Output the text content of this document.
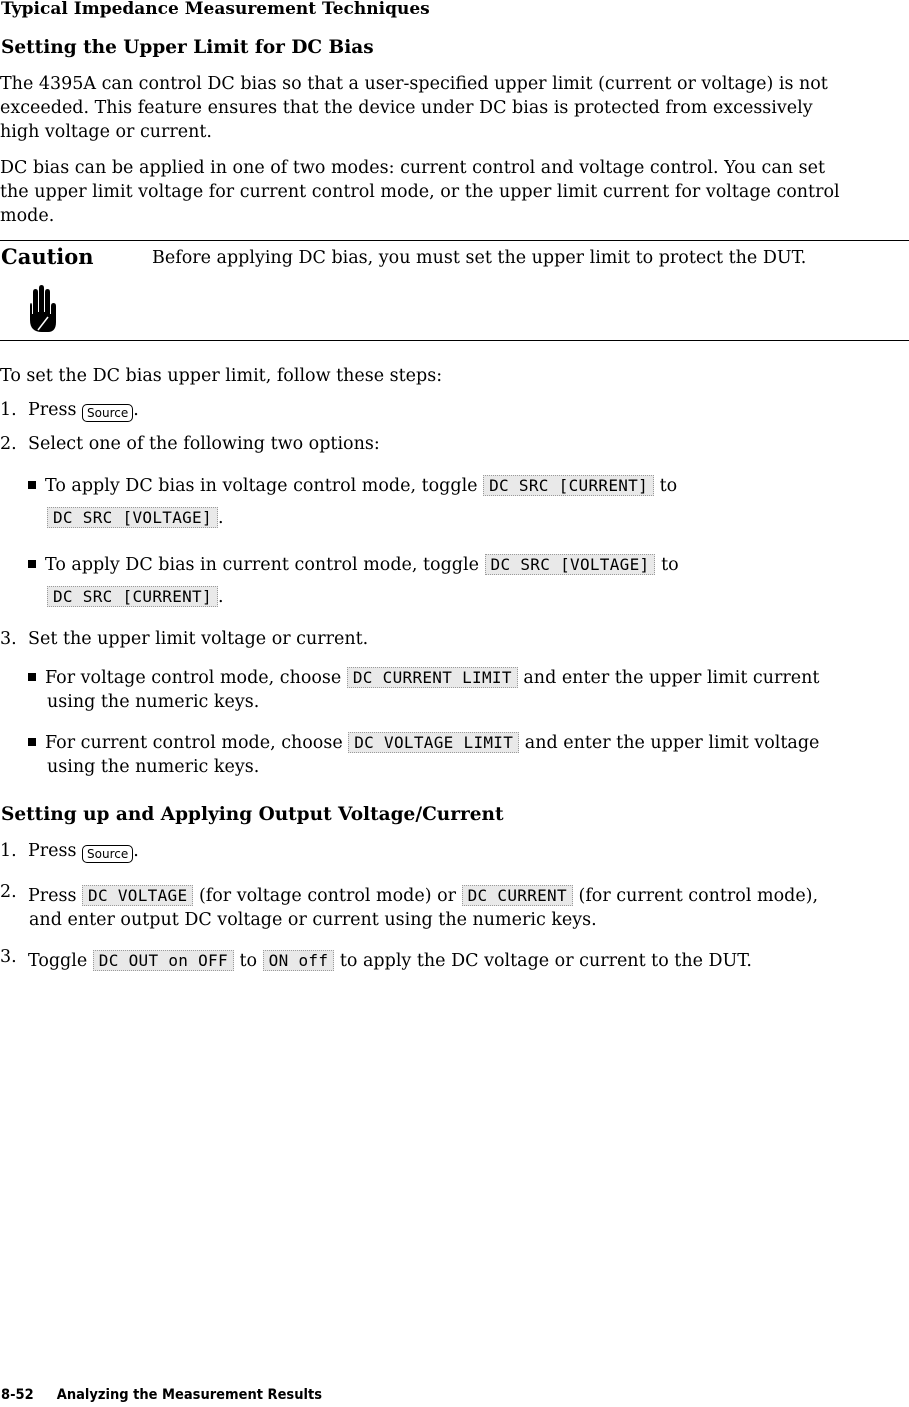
Typical Impedance Measurement Techniques
Setting the Upper Limit for DC Bias
The 4395A can control DC bias so that a user-specified upper limit (current or voltage) is not
exceeded. This feature ensures that the device under DC bias is protected from excessively
high voltage or current.
DC bias can be applied in one of two modes: current control and voltage control. You can set
the upper limit voltage for current control mode, or the upper limit current for voltage control
mode.
Caution	Before applying DC bias, you must set the upper limit to protect the DUT.
To set the DC bias upper limit, follow these steps:
1. Press Source .
2. Select one of the following two options:
To apply DC bias in voltage control mode, toggle DC SRC [CURRENT] to
DC SRC [VOLTAGE] .
To apply DC bias in current control mode, toggle DC SRC [VOLTAGE] to
DC SRC [CURRENT] .
3. Set the upper limit voltage or current.
For voltage control mode, choose DC CURRENT LIMIT and enter the upper limit current
using the numeric keys.
For current control mode, choose DC VOLTAGE LIMIT and enter the upper limit voltage
using the numeric keys.
Setting up and Applying Output Voltage/Current
1. Press Source .
2. Press DC VOLTAGE (for voltage control mode) or DC CURRENT (for current control mode),
and enter output DC voltage or current using the numeric keys.
3. Toggle DC OUT on OFF to ON off to apply the DC voltage or current to the DUT.
8-52 Analyzing the Measurement Results
